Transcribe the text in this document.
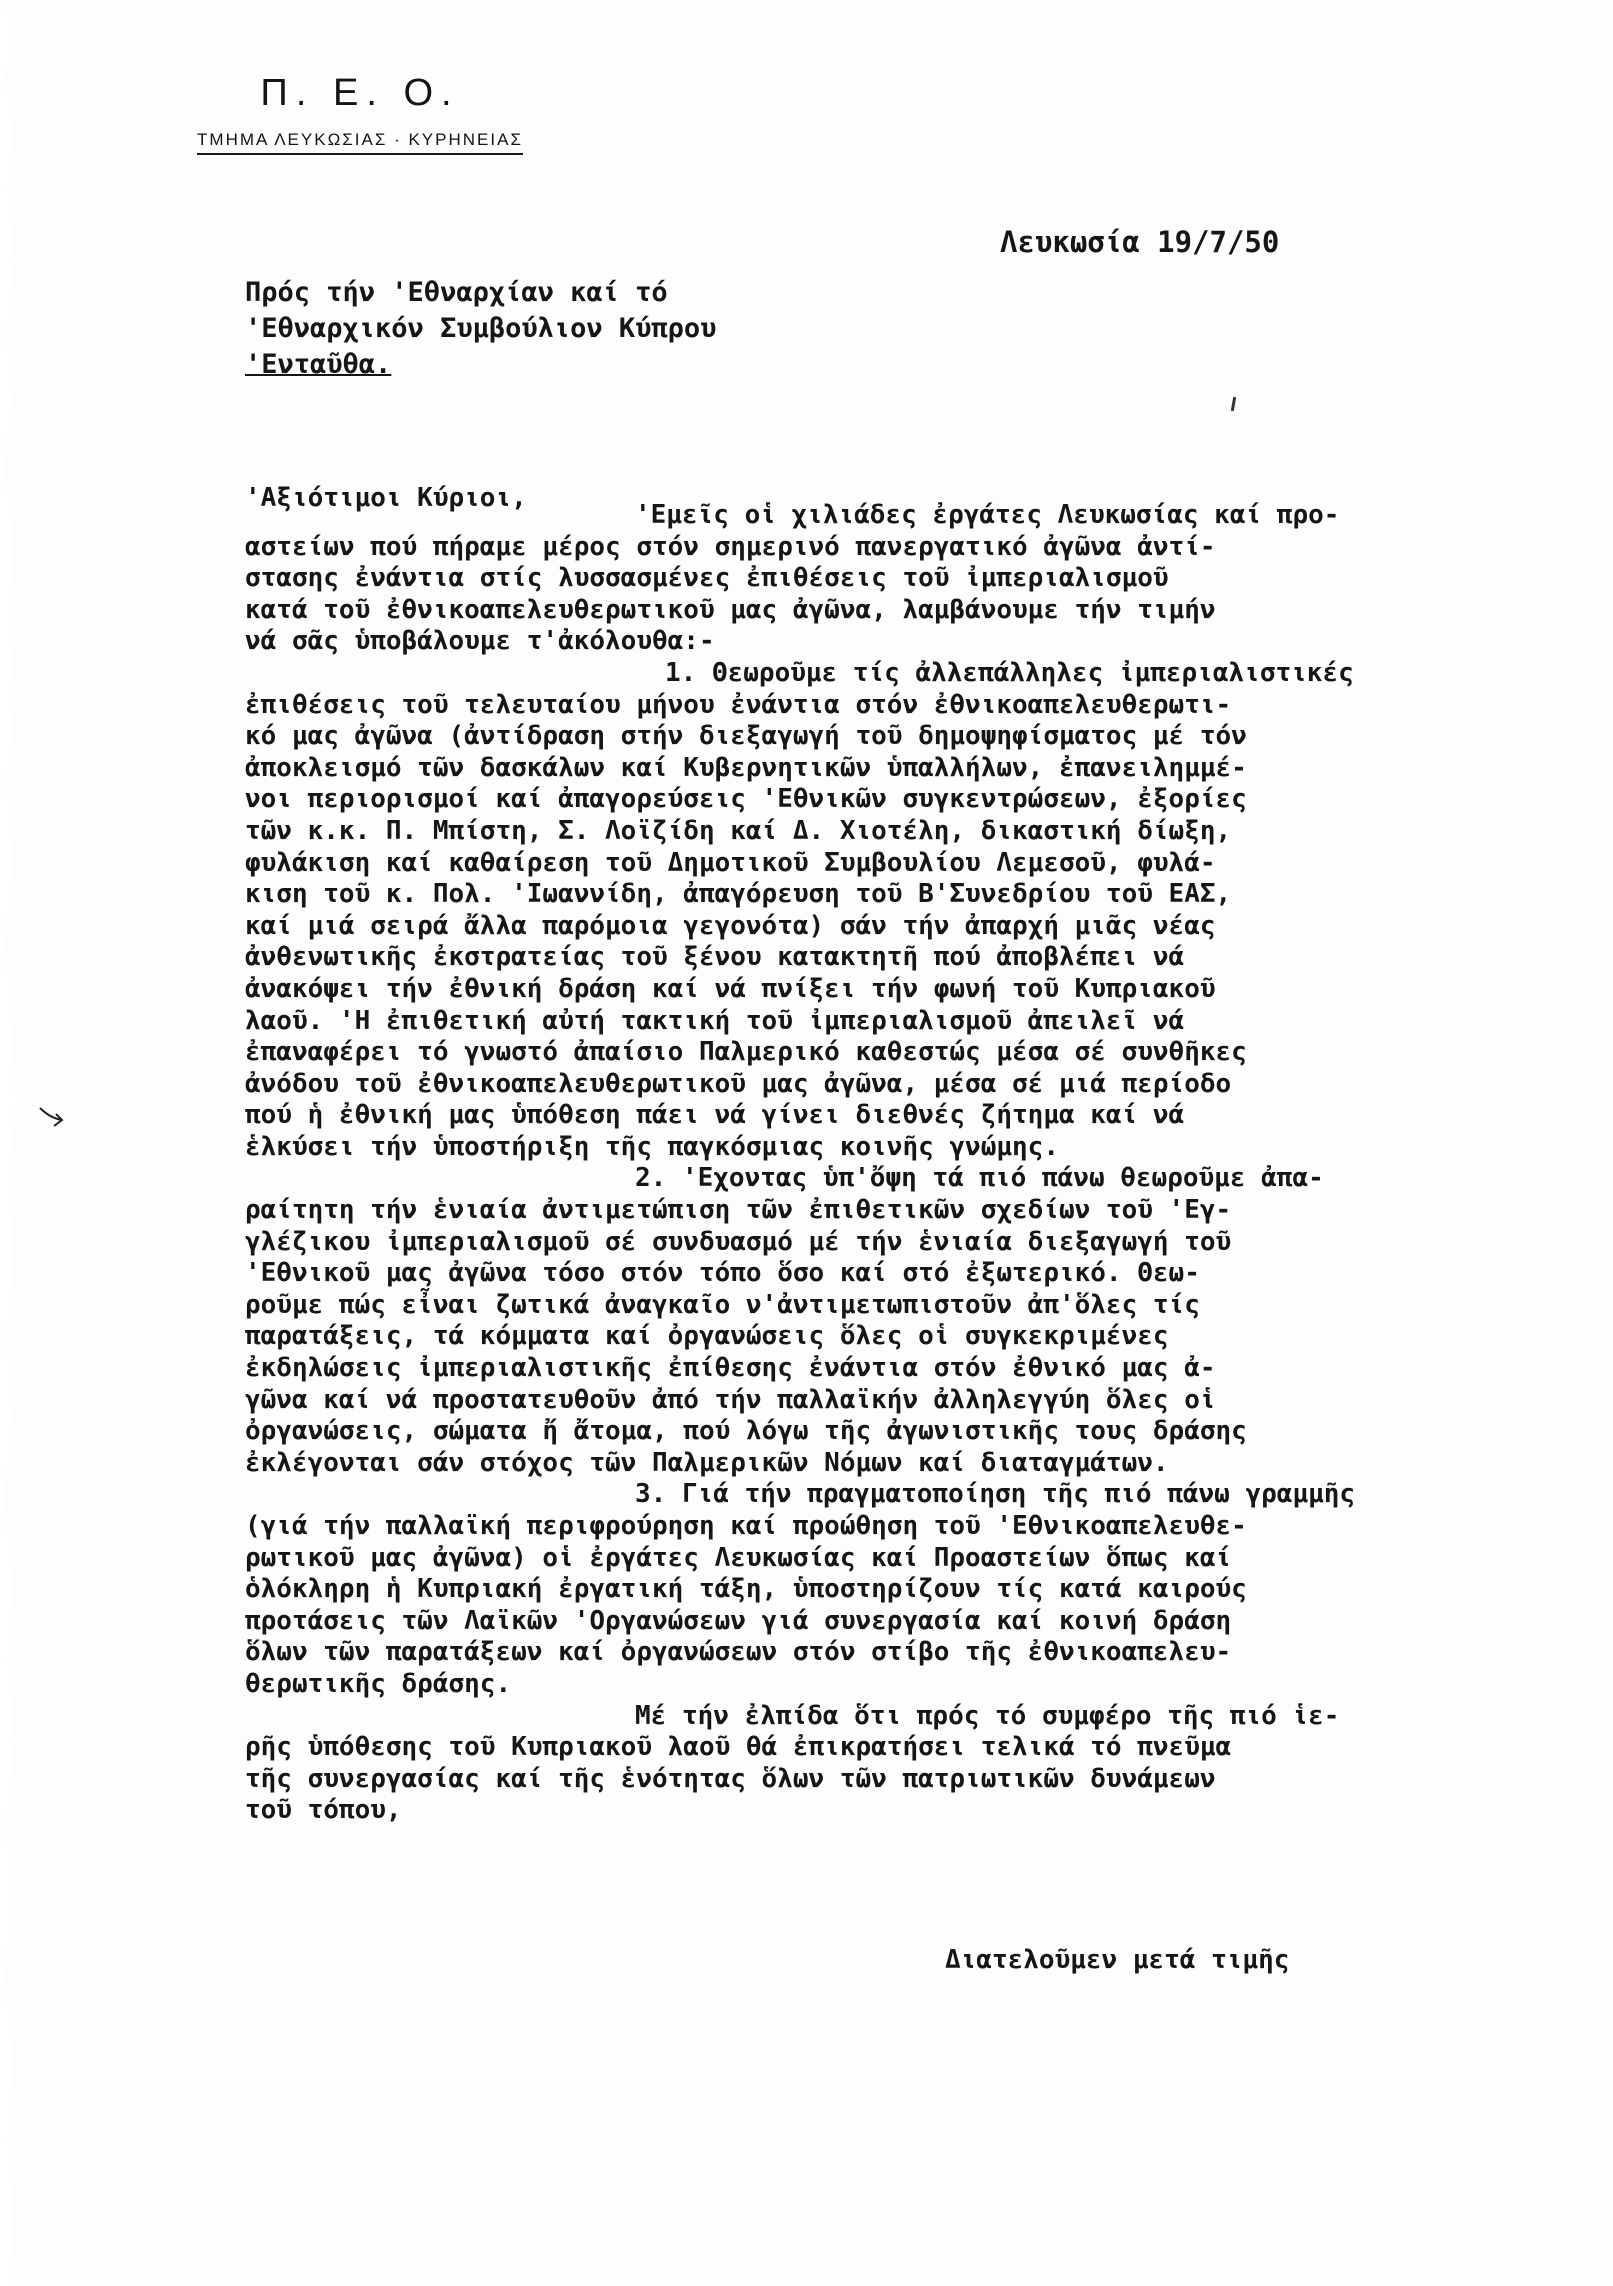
Π. Ε. Ο.
ΤΜΗΜΑ ΛΕΥΚΩΣΙΑΣ · ΚΥΡΗΝΕΙΑΣ
Λευκωσία 19/7/50
Πρός τήν 'Εθναρχίαν καί τό
'Εθναρχικόν Συμβούλιον Κύπρου
'Ενταῦθα.
'Αξιότιμοι Κύριοι,
'Εμεῖς οἱ χιλιάδες ἐργάτες Λευκωσίας καί προ-
αστείων πού πήραμε μέρος στόν σημερινό πανεργατικό ἀγῶνα ἀντί-
στασης ἐνάντια στίς λυσσασμένες ἐπιθέσεις τοῦ ἰμπεριαλισμοῦ
κατά τοῦ ἐθνικοαπελευθερωτικοῦ μας ἀγῶνα, λαμβάνουμε τήν τιμήν
νά σᾶς ὑποβάλουμε τ'ἀκόλουθα:-
1. Θεωροῦμε τίς ἀλλεπάλληλες ἰμπεριαλιστικές
ἐπιθέσεις τοῦ τελευταίου μήνου ἐνάντια στόν ἐθνικοαπελευθερωτι-
κό μας ἀγῶνα (ἀντίδραση στήν διεξαγωγή τοῦ δημοψηφίσματος μέ τόν
ἀποκλεισμό τῶν δασκάλων καί Κυβερνητικῶν ὑπαλλήλων, ἐπανειλημμέ-
νοι περιορισμοί καί ἀπαγορεύσεις 'Εθνικῶν συγκεντρώσεων, ἐξορίες
τῶν κ.κ. Π. Μπίστη, Σ. Λοϊζίδη καί Δ. Χιοτέλη, δικαστική δίωξη,
φυλάκιση καί καθαίρεση τοῦ Δημοτικοῦ Συμβουλίου Λεμεσοῦ, φυλά-
κιση τοῦ κ. Πολ. 'Ιωαννίδη, ἀπαγόρευση τοῦ Β'Συνεδρίου τοῦ ΕΑΣ,
καί μιά σειρά ἄλλα παρόμοια γεγονότα) σάν τήν ἀπαρχή μιᾶς νέας
ἀνθενωτικῆς ἐκστρατείας τοῦ ξένου κατακτητῆ πού ἀποβλέπει νά
ἀνακόψει τήν ἐθνική δράση καί νά πνίξει τήν φωνή τοῦ Κυπριακοῦ
λαοῦ. 'Η ἐπιθετική αὐτή τακτική τοῦ ἰμπεριαλισμοῦ ἀπειλεῖ νά
ἐπαναφέρει τό γνωστό ἀπαίσιο Παλμερικό καθεστώς μέσα σέ συνθῆκες
ἀνόδου τοῦ ἐθνικοαπελευθερωτικοῦ μας ἀγῶνα, μέσα σέ μιά περίοδο
πού ἡ ἐθνική μας ὑπόθεση πάει νά γίνει διεθνές ζήτημα καί νά
ἑλκύσει τήν ὑποστήριξη τῆς παγκόσμιας κοινῆς γνώμης.
2. 'Εχοντας ὑπ'ὄψη τά πιό πάνω θεωροῦμε ἀπα-
ραίτητη τήν ἑνιαία ἀντιμετώπιση τῶν ἐπιθετικῶν σχεδίων τοῦ 'Εγ-
γλέζικου ἰμπεριαλισμοῦ σέ συνδυασμό μέ τήν ἑνιαία διεξαγωγή τοῦ
'Εθνικοῦ μας ἀγῶνα τόσο στόν τόπο ὅσο καί στό ἐξωτερικό. Θεω-
ροῦμε πώς εἶναι ζωτικά ἀναγκαῖο ν'ἀντιμετωπιστοῦν ἀπ'ὅλες τίς
παρατάξεις, τά κόμματα καί ὀργανώσεις ὅλες οἱ συγκεκριμένες
ἐκδηλώσεις ἰμπεριαλιστικῆς ἐπίθεσης ἐνάντια στόν ἐθνικό μας ἀ-
γῶνα καί νά προστατευθοῦν ἀπό τήν παλλαϊκήν ἀλληλεγγύη ὅλες οἱ
ὀργανώσεις, σώματα ἤ ἄτομα, πού λόγω τῆς ἀγωνιστικῆς τους δράσης
ἐκλέγονται σάν στόχος τῶν Παλμερικῶν Νόμων καί διαταγμάτων.
3. Γιά τήν πραγματοποίηση τῆς πιό πάνω γραμμῆς
(γιά τήν παλλαϊκή περιφρούρηση καί προώθηση τοῦ 'Εθνικοαπελευθε-
ρωτικοῦ μας ἀγῶνα) οἱ ἐργάτες Λευκωσίας καί Προαστείων ὅπως καί
ὁλόκληρη ἡ Κυπριακή ἐργατική τάξη, ὑποστηρίζουν τίς κατά καιρούς
προτάσεις τῶν Λαϊκῶν 'Οργανώσεων γιά συνεργασία καί κοινή δράση
ὅλων τῶν παρατάξεων καί ὀργανώσεων στόν στίβο τῆς ἐθνικοαπελευ-
θερωτικῆς δράσης.
Μέ τήν ἐλπίδα ὅτι πρός τό συμφέρο τῆς πιό ἱε-
ρῆς ὑπόθεσης τοῦ Κυπριακοῦ λαοῦ θά ἐπικρατήσει τελικά τό πνεῦμα
τῆς συνεργασίας καί τῆς ἑνότητας ὅλων τῶν πατριωτικῶν δυνάμεων
τοῦ τόπου,
Διατελοῦμεν μετά τιμῆς
